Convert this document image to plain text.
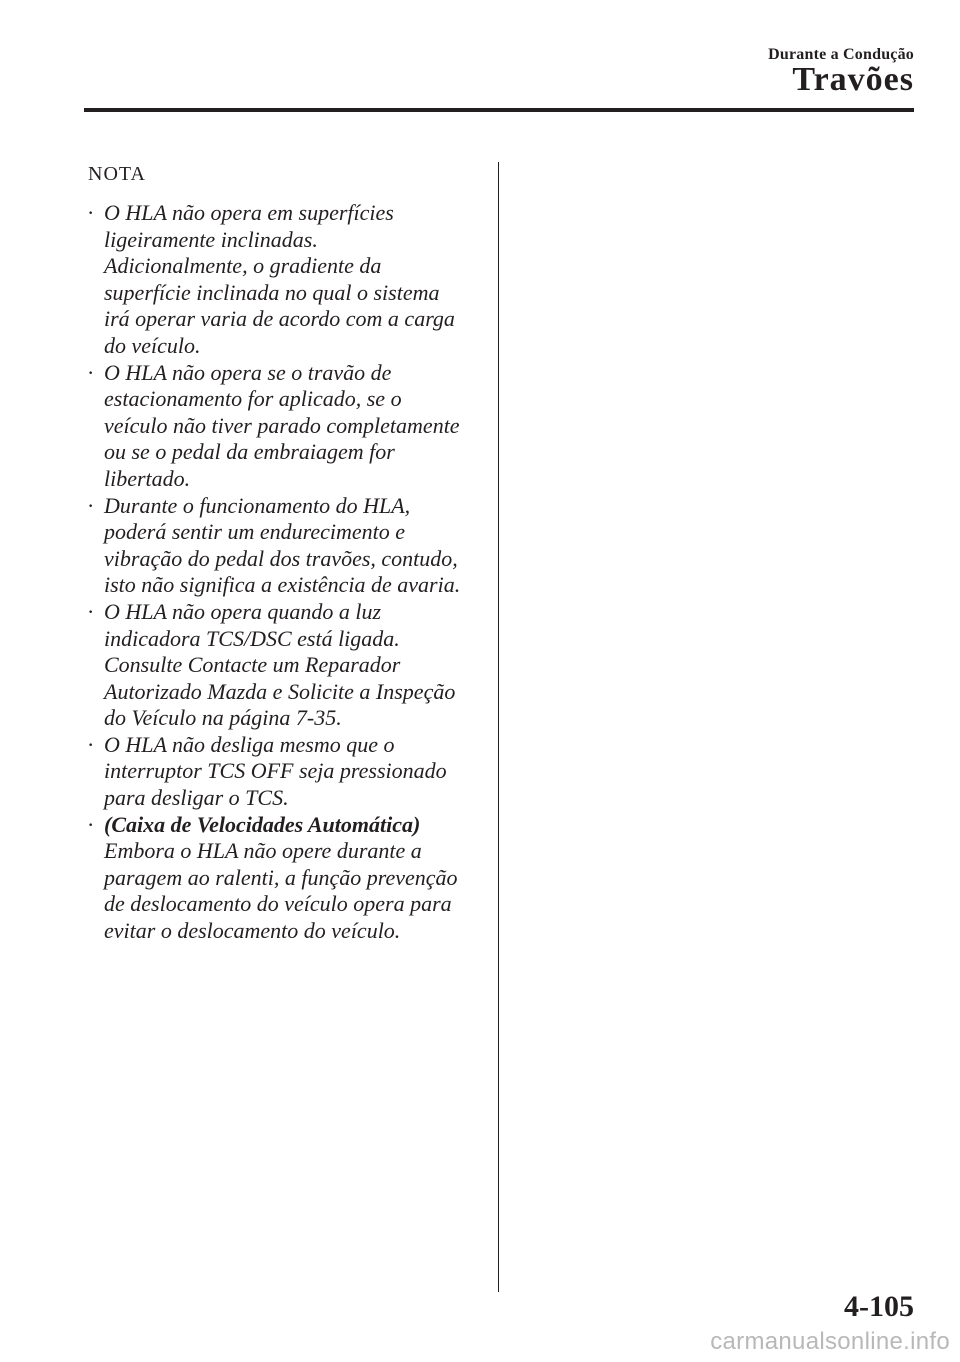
Durante a Condução
Travões
NOTA
· O HLA não opera em superfícies
ligeiramente inclinadas.
Adicionalmente, o gradiente da
superfície inclinada no qual o sistema
irá operar varia de acordo com a carga
do veículo.
· O HLA não opera se o travão de
estacionamento for aplicado, se o
veículo não tiver parado completamente
ou se o pedal da embraiagem for
libertado.
· Durante o funcionamento do HLA,
poderá sentir um endurecimento e
vibração do pedal dos travões, contudo,
isto não significa a existência de avaria.
· O HLA não opera quando a luz
indicadora TCS/DSC está ligada.
Consulte Contacte um Reparador
Autorizado Mazda e Solicite a Inspeção
do Veículo na página 7-35.
· O HLA não desliga mesmo que o
interruptor TCS OFF seja pressionado
para desligar o TCS.
· (Caixa de Velocidades Automática)
Embora o HLA não opere durante a
paragem ao ralenti, a função prevenção
de deslocamento do veículo opera para
evitar o deslocamento do veículo.
4-105
carmanualsonline.info
